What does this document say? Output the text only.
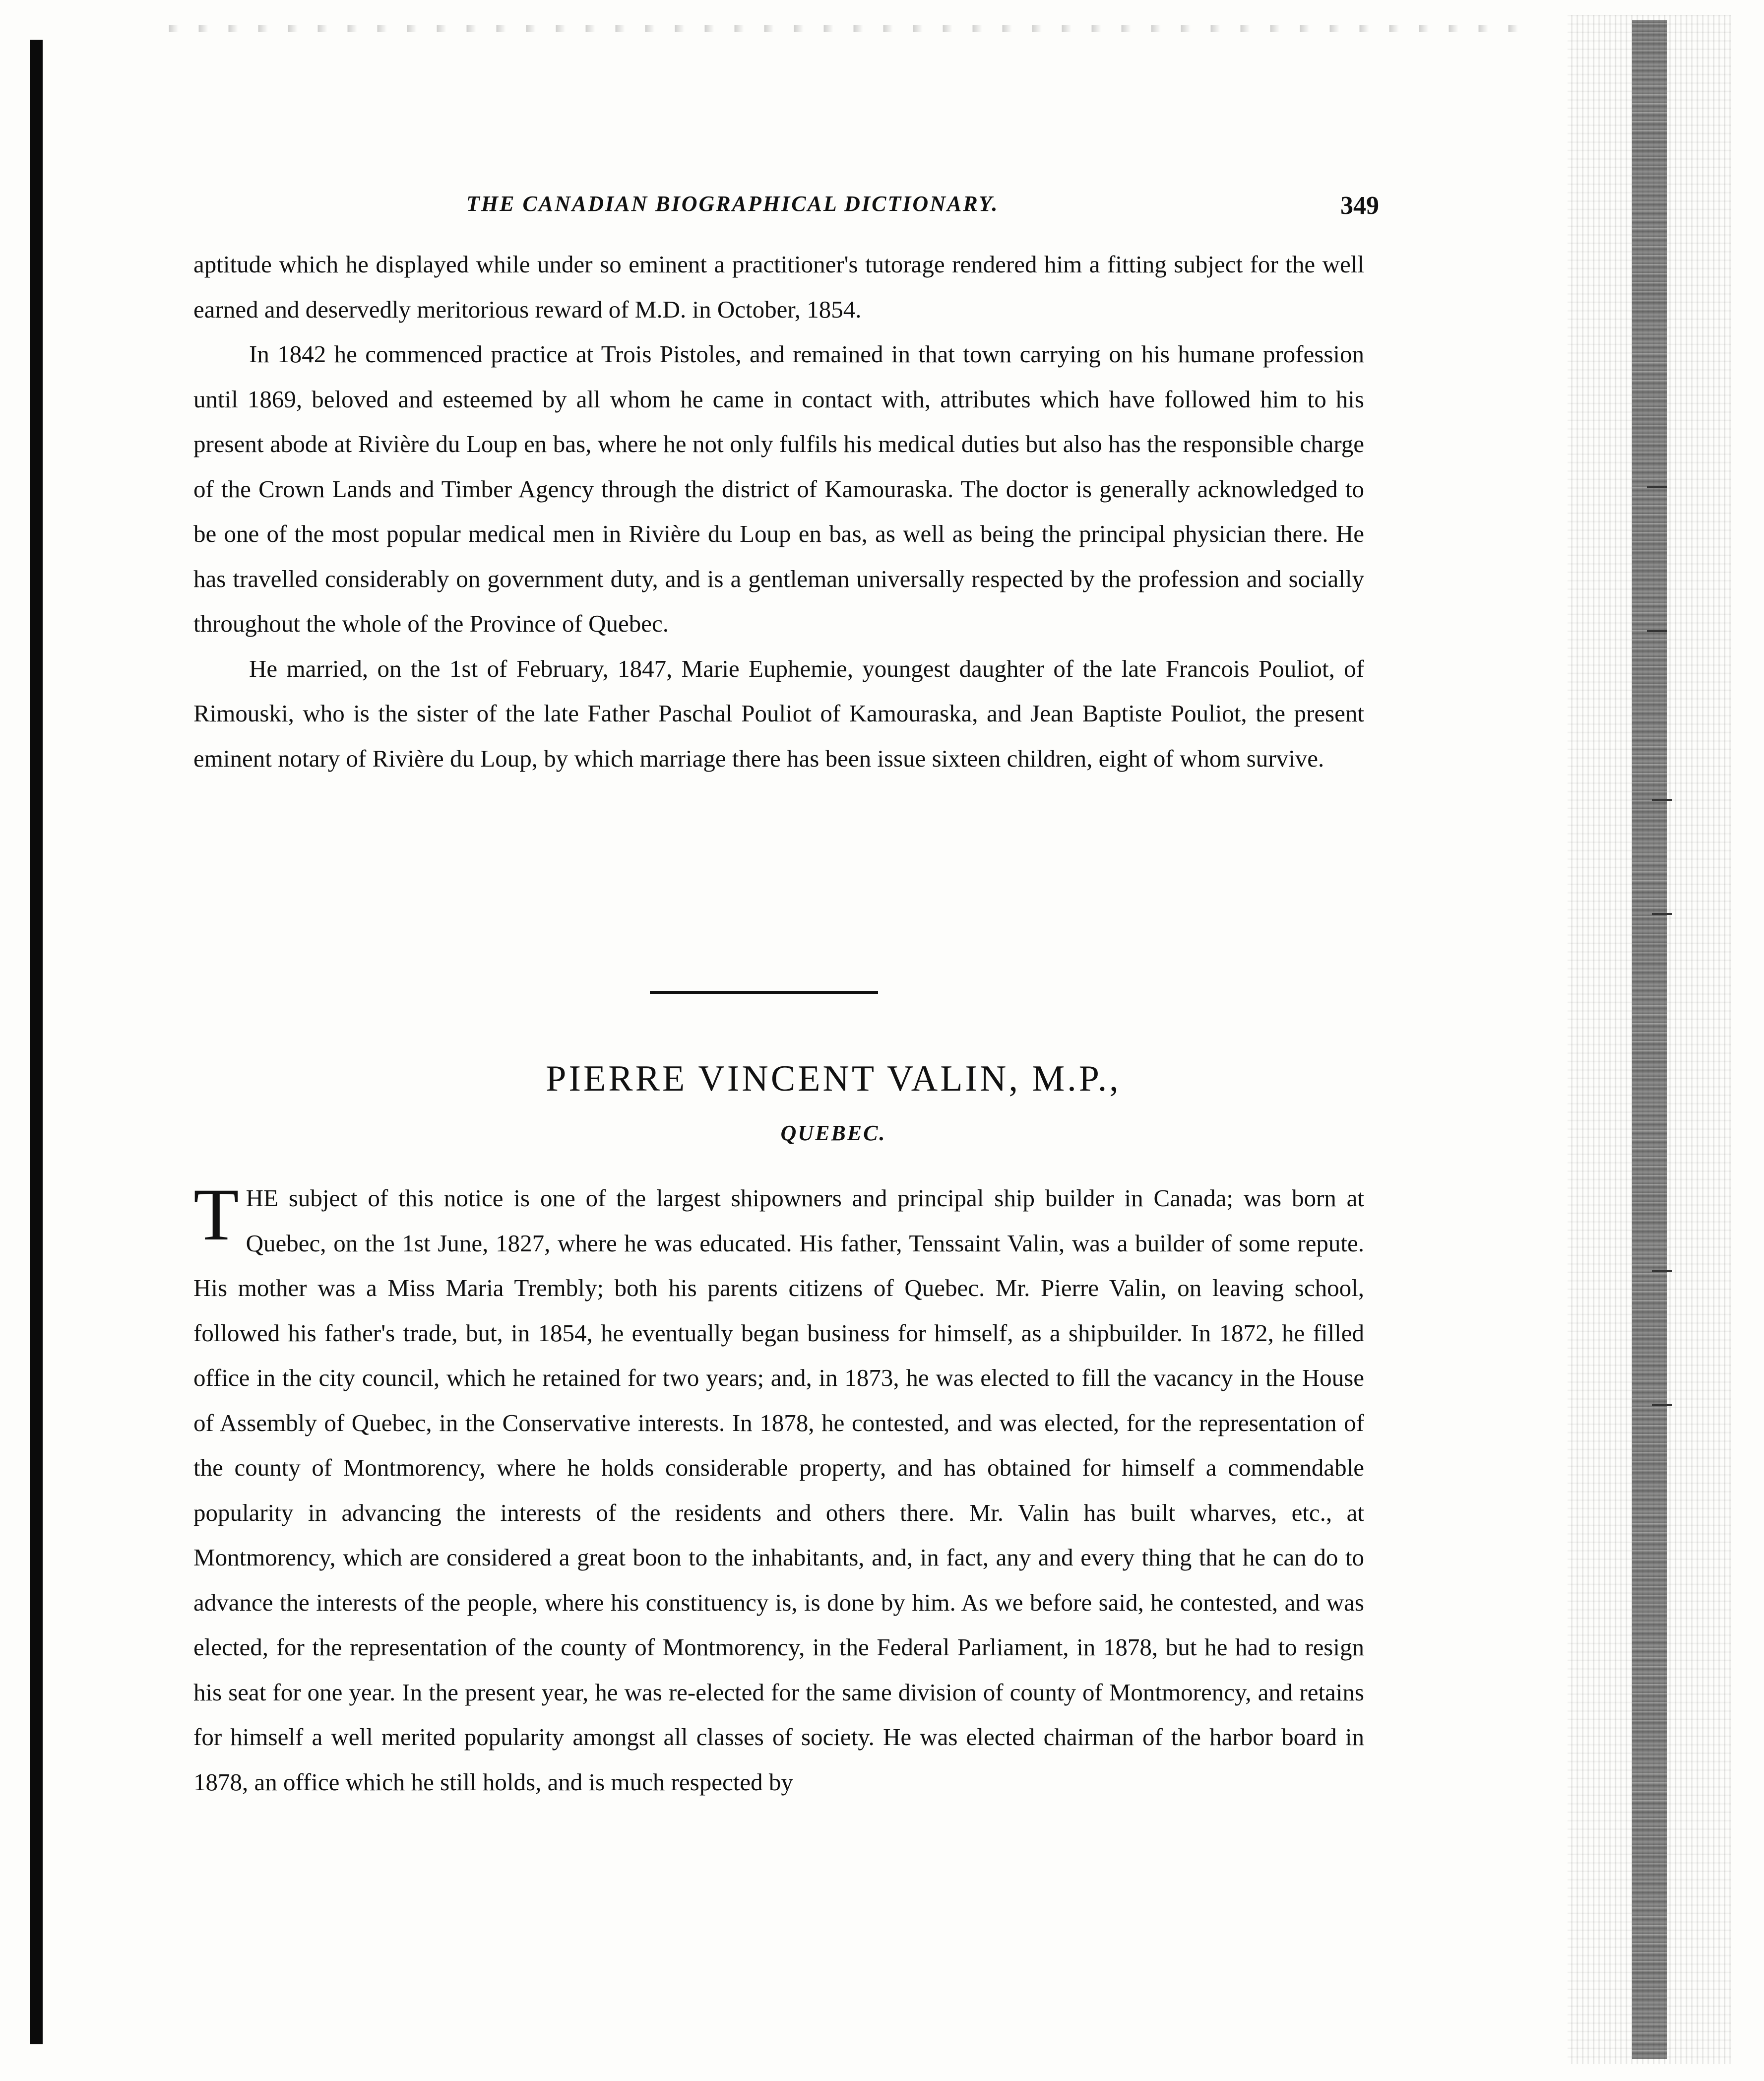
THE CANADIAN BIOGRAPHICAL DICTIONARY.	349

aptitude which he displayed while under so eminent a practitioner's tutorage rendered him a fitting subject for the well earned and deservedly meritorious reward of M.D. in October, 1854.

In 1842 he commenced practice at Trois Pistoles, and remained in that town carrying on his humane profession until 1869, beloved and esteemed by all whom he came in contact with, attributes which have followed him to his present abode at Rivière du Loup en bas, where he not only fulfils his medical duties but also has the responsible charge of the Crown Lands and Timber Agency through the district of Kamouraska. The doctor is generally acknowledged to be one of the most popular medical men in Rivière du Loup en bas, as well as being the principal physician there. He has travelled considerably on government duty, and is a gentleman universally respected by the profession and socially throughout the whole of the Province of Quebec.

He married, on the 1st of February, 1847, Marie Euphemie, youngest daughter of the late Francois Pouliot, of Rimouski, who is the sister of the late Father Paschal Pouliot of Kamouraska, and Jean Baptiste Pouliot, the present eminent notary of Rivière du Loup, by which marriage there has been issue sixteen children, eight of whom survive.

PIERRE VINCENT VALIN, M.P.,
QUEBEC.

THE subject of this notice is one of the largest shipowners and principal ship builder in Canada; was born at Quebec, on the 1st June, 1827, where he was educated. His father, Tenssaint Valin, was a builder of some repute. His mother was a Miss Maria Trembly; both his parents citizens of Quebec. Mr. Pierre Valin, on leaving school, followed his father's trade, but, in 1854, he eventually began business for himself, as a shipbuilder. In 1872, he filled office in the city council, which he retained for two years; and, in 1873, he was elected to fill the vacancy in the House of Assembly of Quebec, in the Conservative interests. In 1878, he contested, and was elected, for the representation of the county of Montmorency, where he holds considerable property, and has obtained for himself a commendable popularity in advancing the interests of the residents and others there. Mr. Valin has built wharves, etc., at Montmorency, which are considered a great boon to the inhabitants, and, in fact, any and every thing that he can do to advance the interests of the people, where his constituency is, is done by him. As we before said, he contested, and was elected, for the representation of the county of Montmorency, in the Federal Parliament, in 1878, but he had to resign his seat for one year. In the present year, he was re-elected for the same division of county of Montmorency, and retains for himself a well merited popularity amongst all classes of society. He was elected chairman of the harbor board in 1878, an office which he still holds, and is much respected by
